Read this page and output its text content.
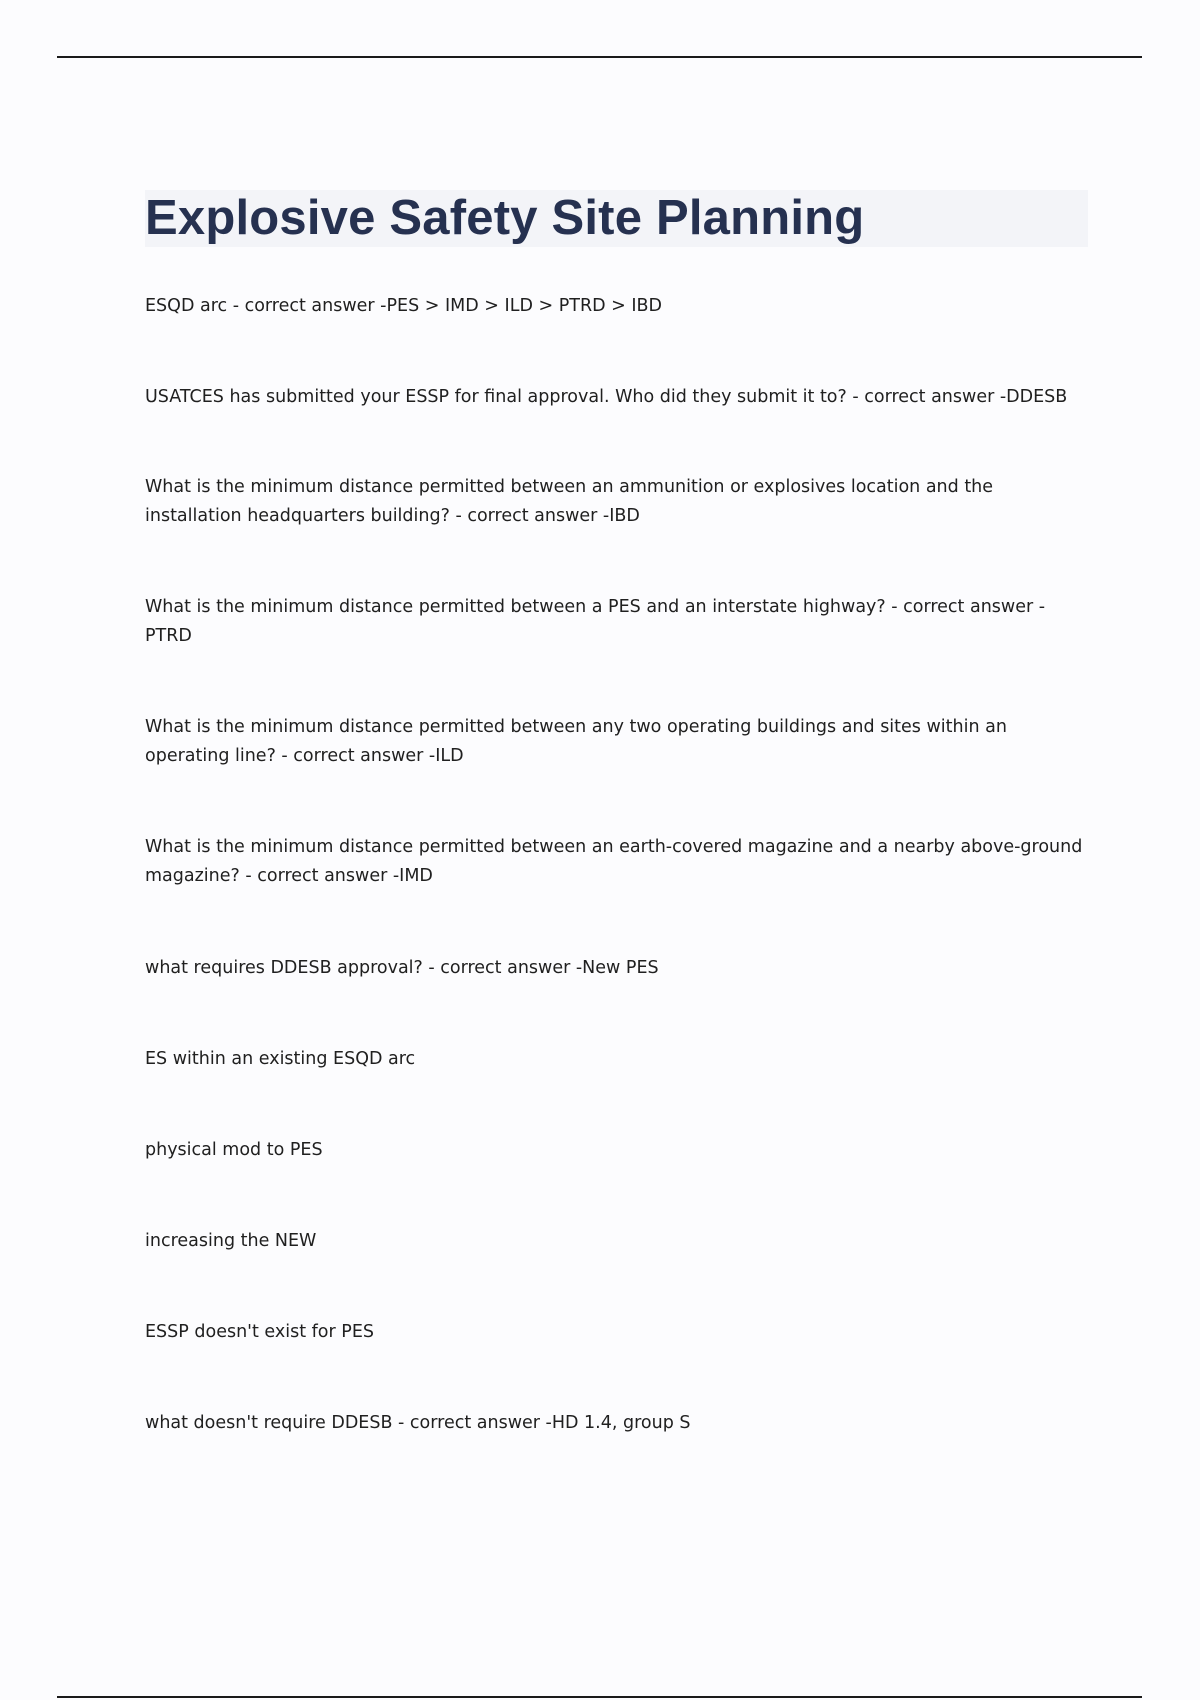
Explosive Safety Site Planning

ESQD arc - correct answer -PES > IMD > ILD > PTRD > IBD

USATCES has submitted your ESSP for final approval. Who did they submit it to? - correct answer -DDESB

What is the minimum distance permitted between an ammunition or explosives location and the installation headquarters building? - correct answer -IBD

What is the minimum distance permitted between a PES and an interstate highway? - correct answer - PTRD

What is the minimum distance permitted between any two operating buildings and sites within an operating line? - correct answer -ILD

What is the minimum distance permitted between an earth-covered magazine and a nearby above-ground magazine? - correct answer -IMD

what requires DDESB approval? - correct answer -New PES

ES within an existing ESQD arc

physical mod to PES

increasing the NEW

ESSP doesn't exist for PES

what doesn't require DDESB - correct answer -HD 1.4, group S
